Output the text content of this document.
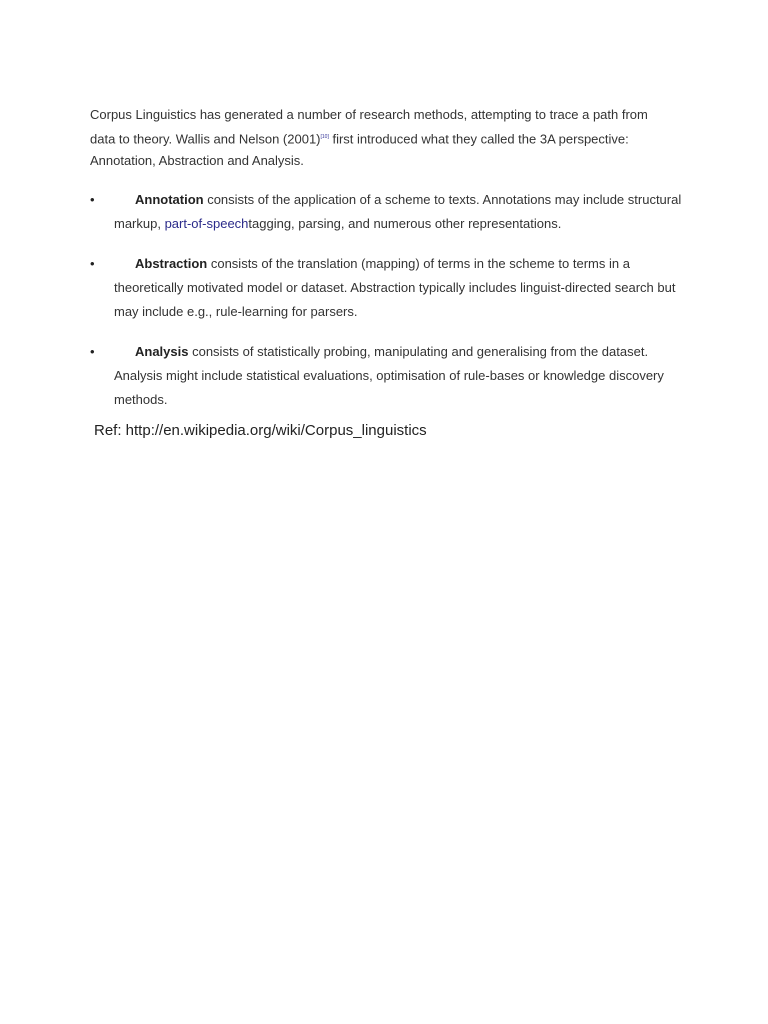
Corpus Linguistics has generated a number of research methods, attempting to trace a path from data to theory. Wallis and Nelson (2001)[10] first introduced what they called the 3A perspective: Annotation, Abstraction and Analysis.

•	Annotation consists of the application of a scheme to texts. Annotations may include structural markup, part-of-speechtagging, parsing, and numerous other representations.
•	Abstraction consists of the translation (mapping) of terms in the scheme to terms in a theoretically motivated model or dataset. Abstraction typically includes linguist-directed search but may include e.g., rule-learning for parsers.
•	Analysis consists of statistically probing, manipulating and generalising from the dataset. Analysis might include statistical evaluations, optimisation of rule-bases or knowledge discovery methods.

Ref: http://en.wikipedia.org/wiki/Corpus_linguistics
